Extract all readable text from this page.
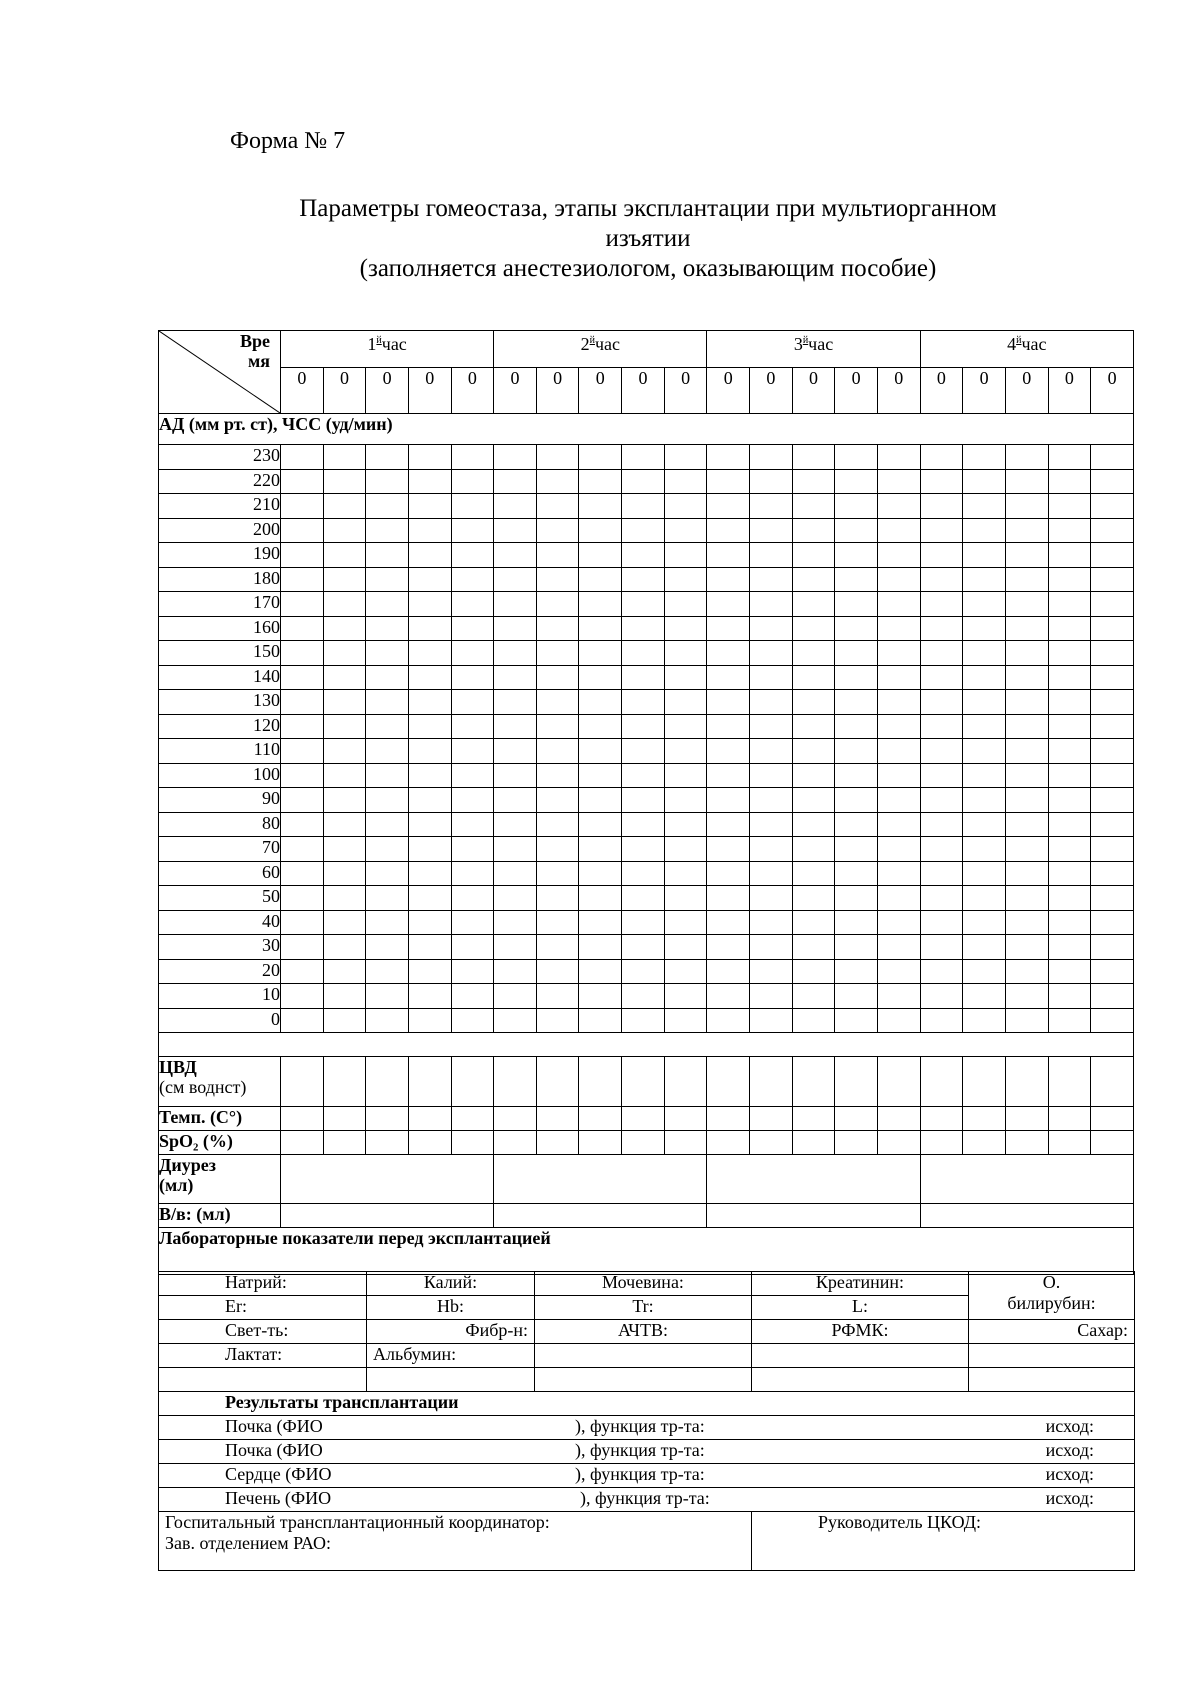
Форма № 7
Параметры гомеостаза, этапы эксплантации при мультиорганном
изъятии
(заполняется анестезиологом, оказывающим пособие)
Вре
мя	$1^йчас$					$2^йчас$					$3^йчас$					$4^йчас$				
	0	0	0	0	0	0	0	0	0	0	0	0	0	0	0	0	0	0	0	0
АД (мм рт. ст), ЧСС (уд/мин)																				
230																				
220																				
210																				
200																				
190																				
180																				
170																				
160																				
150																				
140																				
130																				
120																				
110																				
100																				
90																				
80																				
70																				
60																				
50																				
40																				
30																				
20																				
10																				
0																				

ЦВД
(см воднст)																				

Темп. (С°)																				
SpO₂ (%)																				

Диурез
(мл)																				

В/в: (мл)																				
Лабораторные показатели перед эксплантацией																				
Натрий:	Калий:	Мочевина:	Креатинин:	О.
билирубин:

Er:	Hb:	Tr:	L:	
Свет-ть:	Фибр-н:	АЧТВ:	РФМК:	Сахар:
Лактат:	Альбумин:			

Результаты трансплантации				

Почка (ФИО ), функция тр-та: исход:				

Почка (ФИО ), функция тр-та: исход:				

Сердце (ФИО ), функция тр-та: исход:				

Печень (ФИО ), функция тр-та: исход:				

Госпитальный трансплантационный координатор:
Зав. отделением РАО:			Руководитель ЦКОД:	
